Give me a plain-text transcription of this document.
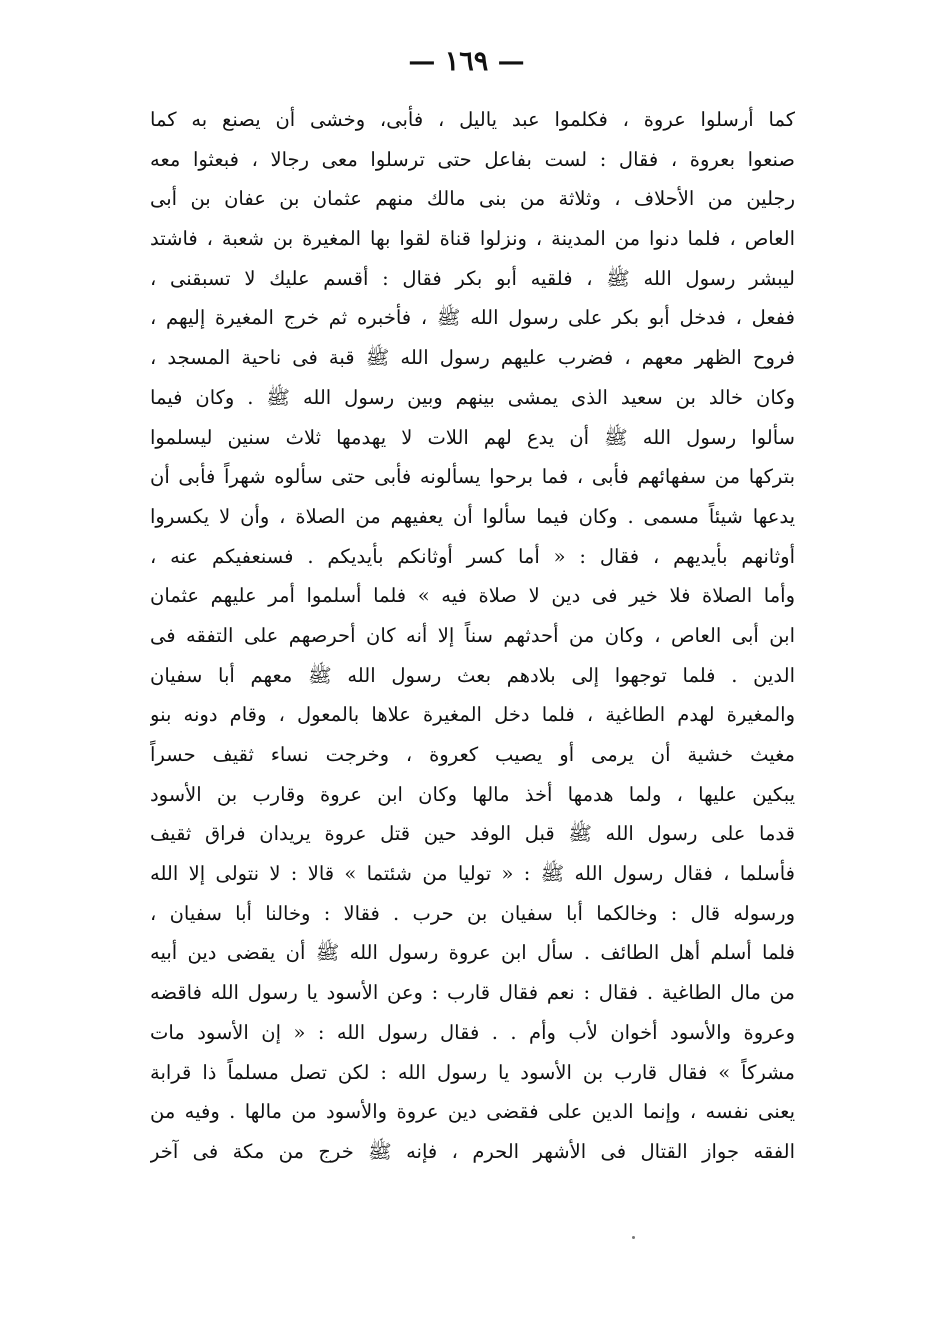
— ١٦٩ —
كما أرسلوا عروة ، فكلموا عبد ياليل ، فأبى، وخشى أن يصنع به كما
صنعوا بعروة ، فقال : لست بفاعل حتى ترسلوا معى رجالا ، فبعثوا معه
رجلين من الأحلاف ، وثلاثة من بنى مالك منهم عثمان بن عفان بن أبى
العاص ، فلما دنوا من المدينة ، ونزلوا قناة لقوا بها المغيرة بن شعبة ، فاشتد
ليبشر رسول الله ﷺ ، فلقيه أبو بكر فقال : أقسم عليك لا تسبقنى ،
ففعل ، فدخل أبو بكر على رسول الله ﷺ ، فأخبره ثم خرج المغيرة إليهم ،
فروح الظهر معهم ، فضرب عليهم رسول الله ﷺ قبة فى ناحية المسجد ،
وكان خالد بن سعيد الذى يمشى بينهم وبين رسول الله ﷺ . وكان فيما
سألوا رسول الله ﷺ أن يدع لهم اللات لا يهدمها ثلاث سنين ليسلموا
بتركها من سفهائهم فأبى ، فما برحوا يسألونه فأبى حتى سألوه شهراً فأبى أن
يدعها شيئاً مسمى . وكان فيما سألوا أن يعفيهم من الصلاة ، وأن لا يكسروا
أوثانهم بأيديهم ، فقال : « أما كسر أوثانكم بأيديكم . فسنعفيكم عنه ،
وأما الصلاة فلا خير فى دين لا صلاة فيه » فلما أسلموا أمر عليهم عثمان
ابن أبى العاص ، وكان من أحدثهم سناً إلا أنه كان أحرصهم على التفقه فى
الدين . فلما توجهوا إلى بلادهم بعث رسول الله ﷺ معهم أبا سفيان
والمغيرة لهدم الطاغية ، فلما دخل المغيرة علاها بالمعول ، وقام دونه بنو
مغيث خشية أن يرمى أو يصيب كعروة ، وخرجت نساء ثقيف حسراً
يبكين عليها ، ولما هدمها أخذ مالها وكان ابن عروة وقارب بن الأسود
قدما على رسول الله ﷺ قبل الوفد حين قتل عروة يريدان فراق ثقيف
فأسلما ، فقال رسول الله ﷺ : « توليا من شئتما » قالا : لا نتولى إلا الله
ورسوله قال : وخالكما أبا سفيان بن حرب . فقالا : وخالنا أبا سفيان ،
فلما أسلم أهل الطائف . سأل ابن عروة رسول الله ﷺ أن يقضى دين أبيه
من مال الطاغية . فقال : نعم فقال قارب : وعن الأسود يا رسول الله فاقضه
وعروة والأسود أخوان لأب وأم . . فقال رسول الله : « إن الأسود مات
مشركاً » فقال قارب بن الأسود يا رسول الله : لكن تصل مسلماً ذا قرابة
يعنى نفسه ، وإنما الدين على فقضى دين عروة والأسود من مالها . وفيه من
الفقه جواز القتال فى الأشهر الحرم ، فإنه ﷺ خرج من مكة فى آخر
